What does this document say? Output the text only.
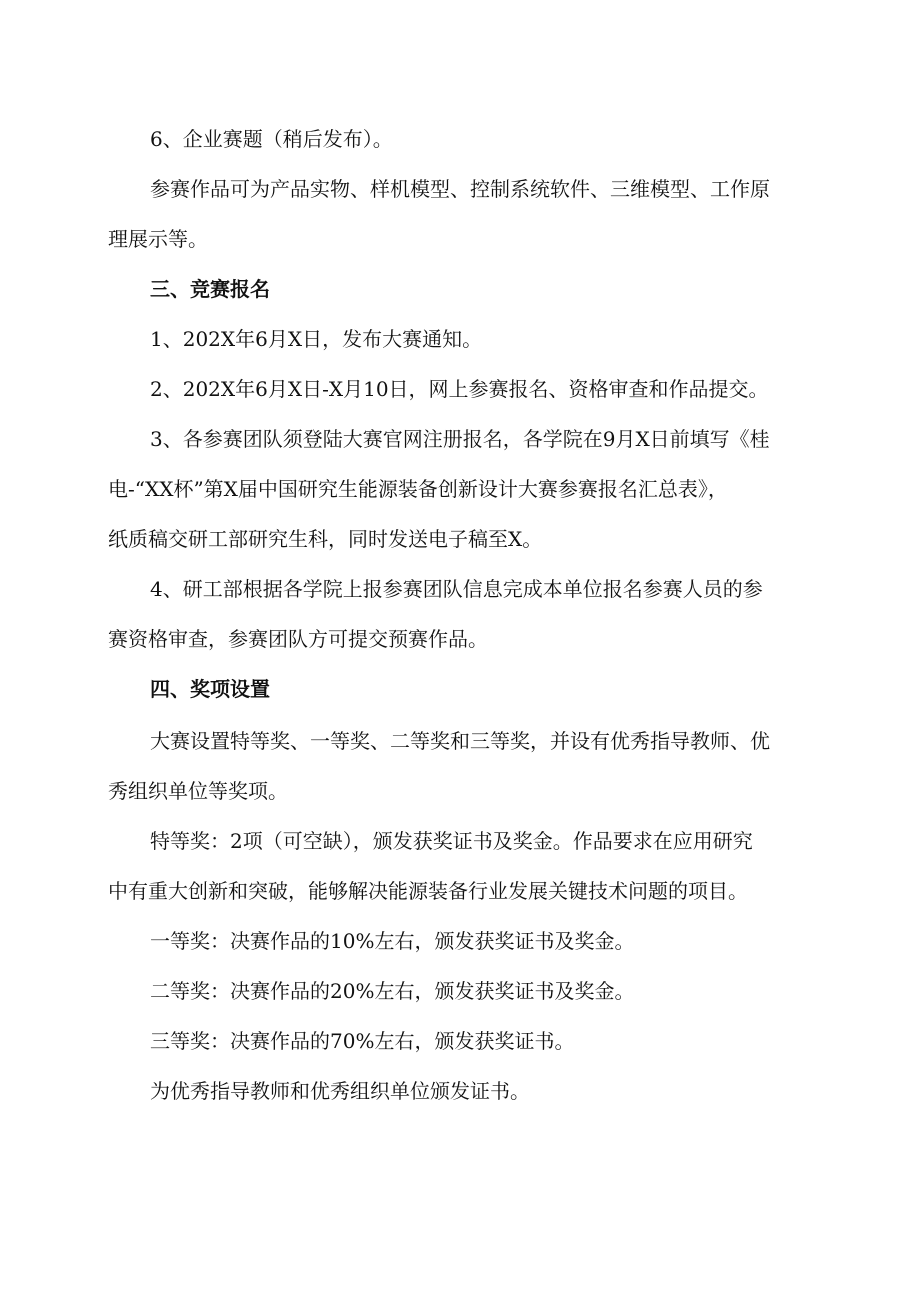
6、企业赛题（稍后发布）。

参赛作品可为产品实物、样机模型、控制系统软件、三维模型、工作原

理展示等。

三、竞赛报名

1、202X年6月X日，发布大赛通知。

2、202X年6月X日-X月10日，网上参赛报名、资格审查和作品提交。

3、各参赛团队须登陆大赛官网注册报名，各学院在9月X日前填写《桂

电-“XX杯”第X届中国研究生能源装备创新设计大赛参赛报名汇总表》，

纸质稿交研工部研究生科，同时发送电子稿至X。

4、研工部根据各学院上报参赛团队信息完成本单位报名参赛人员的参

赛资格审查，参赛团队方可提交预赛作品。

四、奖项设置

大赛设置特等奖、一等奖、二等奖和三等奖，并设有优秀指导教师、优

秀组织单位等奖项。

特等奖：2项（可空缺），颁发获奖证书及奖金。作品要求在应用研究

中有重大创新和突破，能够解决能源装备行业发展关键技术问题的项目。

一等奖：决赛作品的10%左右，颁发获奖证书及奖金。

二等奖：决赛作品的20%左右，颁发获奖证书及奖金。

三等奖：决赛作品的70%左右，颁发获奖证书。

为优秀指导教师和优秀组织单位颁发证书。
